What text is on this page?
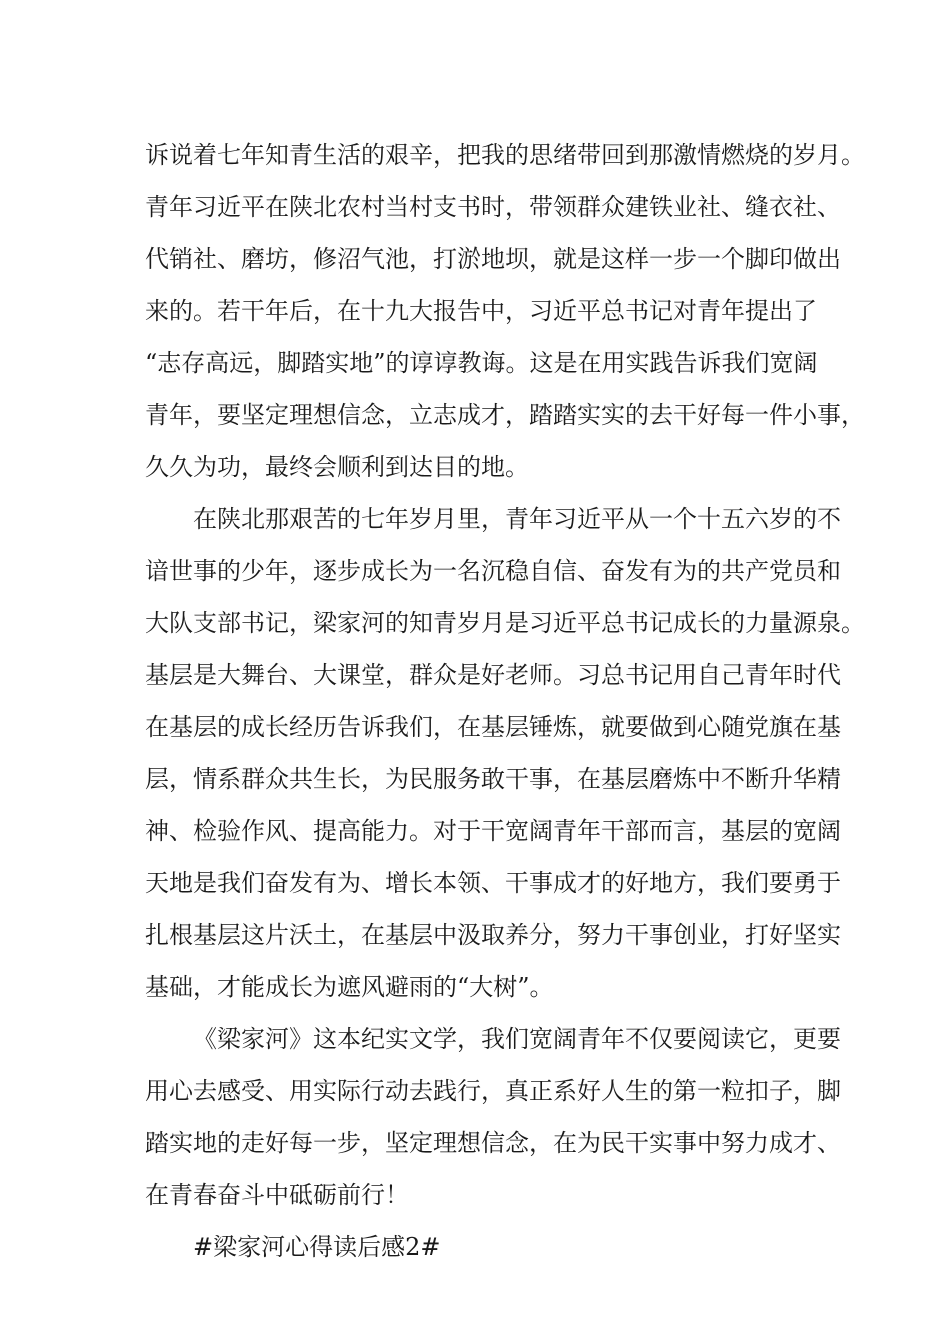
诉说着七年知青生活的艰辛，把我的思绪带回到那激情燃烧的岁月。
青年习近平在陕北农村当村支书时，带领群众建铁业社、缝衣社、
代销社、磨坊，修沼气池，打淤地坝，就是这样一步一个脚印做出
来的。若干年后，在十九大报告中，习近平总书记对青年提出了
“志存高远，脚踏实地”的谆谆教诲。这是在用实践告诉我们宽阔
青年，要坚定理想信念，立志成才，踏踏实实的去干好每一件小事，
久久为功，最终会顺利到达目的地。
在陕北那艰苦的七年岁月里，青年习近平从一个十五六岁的不
谙世事的少年，逐步成长为一名沉稳自信、奋发有为的共产党员和
大队支部书记，梁家河的知青岁月是习近平总书记成长的力量源泉。
基层是大舞台、大课堂，群众是好老师。习总书记用自己青年时代
在基层的成长经历告诉我们，在基层锤炼，就要做到心随党旗在基
层，情系群众共生长，为民服务敢干事，在基层磨炼中不断升华精
神、检验作风、提高能力。对于干宽阔青年干部而言，基层的宽阔
天地是我们奋发有为、增长本领、干事成才的好地方，我们要勇于
扎根基层这片沃土，在基层中汲取养分，努力干事创业，打好坚实
基础，才能成长为遮风避雨的“大树”。
《梁家河》这本纪实文学，我们宽阔青年不仅要阅读它，更要
用心去感受、用实际行动去践行，真正系好人生的第一粒扣子，脚
踏实地的走好每一步，坚定理想信念，在为民干实事中努力成才、
在青春奋斗中砥砺前行！
#梁家河心得读后感2#
